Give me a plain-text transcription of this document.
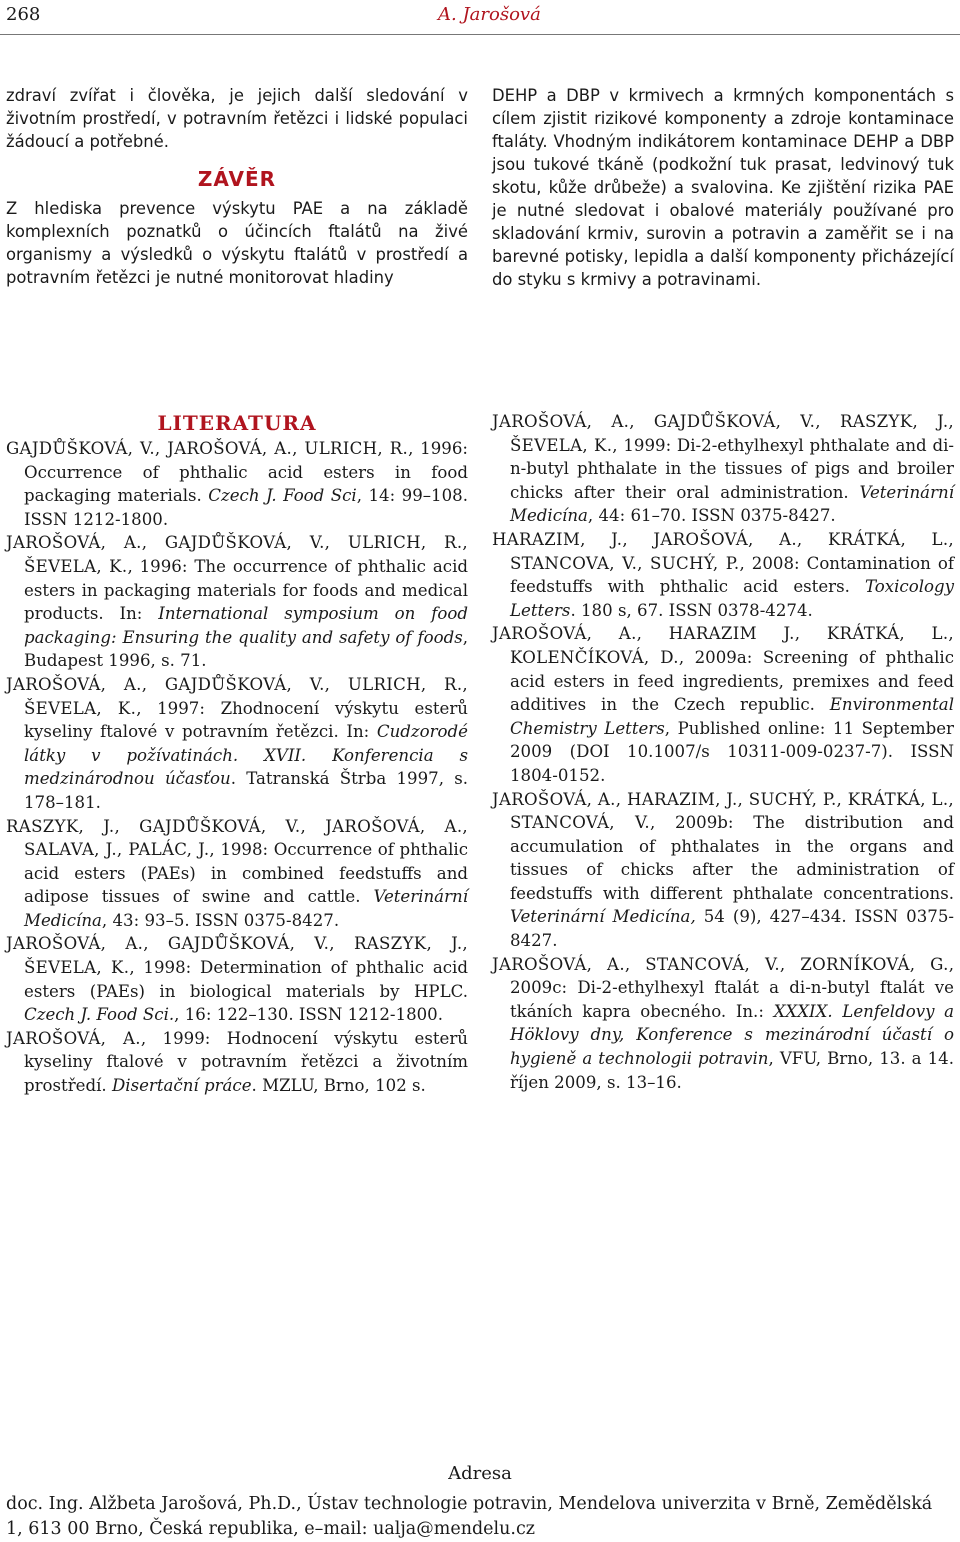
268	A. Jarošová

zdraví zvířat i člověka, je jejich další sledování v životním prostředí, v potravním řetězci i lidské populaci žádoucí a potřebné.

ZÁVĚR

Z hlediska prevence výskytu PAE a na základě komplexních poznatků o účincích ftalátů na živé organismy a výsledků o výskytu ftalátů v prostředí a potravním řetězci je nutné monitorovat hladiny

DEHP a DBP v krmivech a krmných komponentách s cílem zjistit rizikové komponenty a zdroje kontaminace ftaláty. Vhodným indikátorem kontaminace DEHP a DBP jsou tukové tkáně (podkožní tuk prasat, ledvinový tuk skotu, kůže drůbeže) a svalovina. Ke zjištění rizika PAE je nutné sledovat i obalové materiály používané pro skladování krmiv, surovin a potravin a zaměřit se i na barevné potisky, lepidla a další komponenty přicházející do styku s krmivy a potravinami.

LITERATURA

GAJDŮŠKOVÁ, V., JAROŠOVÁ, A., ULRICH, R., 1996: Occurrence of phthalic acid esters in food packaging materials. Czech J. Food Sci, 14: 99–108. ISSN 1212-1800.

JAROŠOVÁ, A., GAJDŮŠKOVÁ, V., ULRICH, R., ŠEVELA, K., 1996: The occurrence of phthalic acid esters in packaging materials for foods and medical products. In: International symposium on food packaging: Ensuring the quality and safety of foods, Budapest 1996, s. 71.

JAROŠOVÁ, A., GAJDŮŠKOVÁ, V., ULRICH, R., ŠEVELA, K., 1997: Zhodnocení výskytu esterů kyseliny ftalové v potravním řetězci. In: Cudzorodé látky v požívatinách. XVII. Konferencia s medzinárodnou účasťou. Tatranská Štrba 1997, s. 178–181.

RASZYK, J., GAJDŮŠKOVÁ, V., JAROŠOVÁ, A., SALAVA, J., PALÁC, J., 1998: Occurrence of phthalic acid esters (PAEs) in combined feedstuffs and adipose tissues of swine and cattle. Veterinární Medicína, 43: 93–5. ISSN 0375-8427.

JAROŠOVÁ, A., GAJDŮŠKOVÁ, V., RASZYK, J., ŠEVELA, K., 1998: Determination of phthalic acid esters (PAEs) in biological materials by HPLC. Czech J. Food Sci., 16: 122–130. ISSN 1212-1800.

JAROŠOVÁ, A., 1999: Hodnocení výskytu esterů kyseliny ftalové v potravním řetězci a životním prostředí. Disertační práce. MZLU, Brno, 102 s.

JAROŠOVÁ, A., GAJDŮŠKOVÁ, V., RASZYK, J., ŠEVELA, K., 1999: Di-2-ethylhexyl phthalate and di-n-butyl phthalate in the tissues of pigs and broiler chicks after their oral administration. Veterinární Medicína, 44: 61–70. ISSN 0375-8427.

HARAZIM, J., JAROŠOVÁ, A., KRÁTKÁ, L., STANCOVA, V., SUCHÝ, P., 2008: Contamination of feedstuffs with phthalic acid esters. Toxicology Letters. 180 s, 67. ISSN 0378-4274.

JAROŠOVÁ, A., HARAZIM J., KRÁTKÁ, L., KOLENČÍKOVÁ, D., 2009a: Screening of phthalic acid esters in feed ingredients, premixes and feed additives in the Czech republic. Environmental Chemistry Letters, Published online: 11 September 2009 (DOI 10.1007/s 10311-009-0237-7). ISSN 1804-0152.

JAROŠOVÁ, A., HARAZIM, J., SUCHÝ, P., KRÁTKÁ, L., STANCOVÁ, V., 2009b: The distribution and accumulation of phthalates in the organs and tissues of chicks after the administration of feedstuffs with different phthalate concentrations. Veterinární Medicína, 54 (9), 427–434. ISSN 0375-8427.

JAROŠOVÁ, A., STANCOVÁ, V., ZORNÍKOVÁ, G., 2009c: Di-2-ethylhexyl ftalát a di-n-butyl ftalát ve tkáních kapra obecného. In.: XXXIX. Lenfeldovy a Höklovy dny, Konference s mezinárodní účastí o hygieně a technologii potravin, VFU, Brno, 13. a 14. říjen 2009, s. 13–16.

Adresa
doc. Ing. Alžbeta Jarošová, Ph.D., Ústav technologie potravin, Mendelova univerzita v Brně, Zemědělská 1, 613 00 Brno, Česká republika, e–mail: ualja@mendelu.cz
